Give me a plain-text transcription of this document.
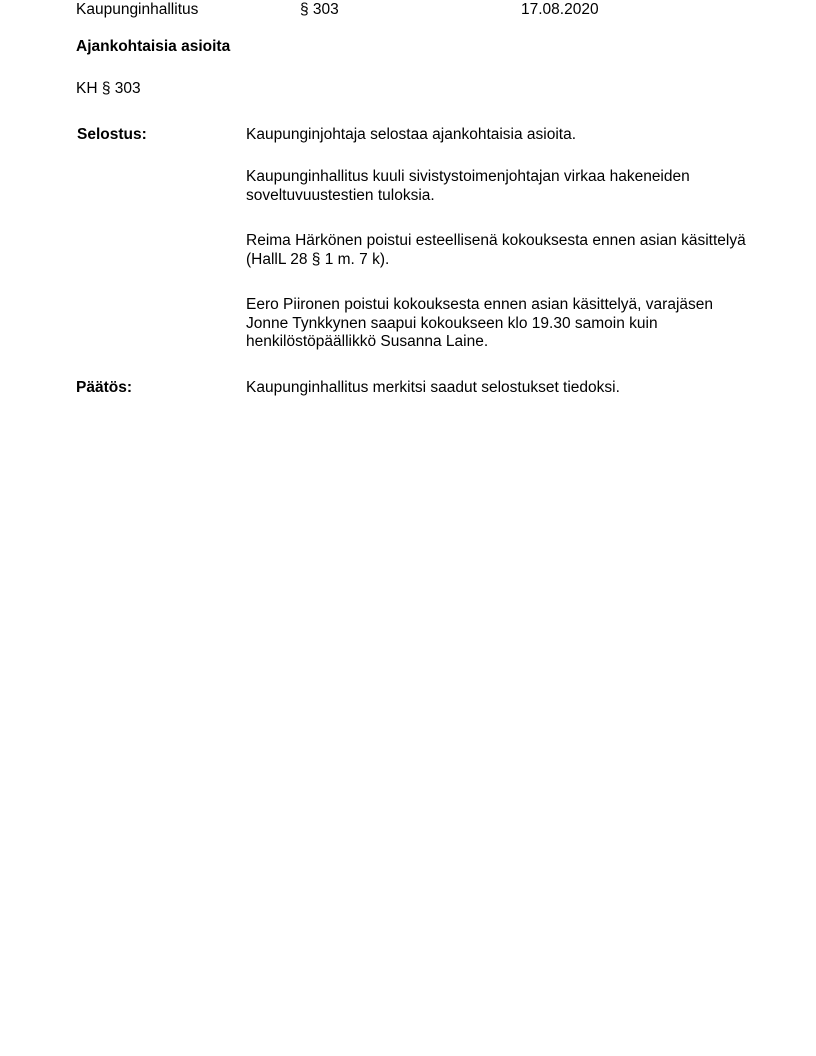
Kaupunginhallitus	§ 303	17.08.2020
Ajankohtaisia asioita
KH § 303
Selostus:	Kaupunginjohtaja selostaa ajankohtaisia asioita.

Kaupunginhallitus kuuli sivistystoimenjohtajan virkaa hakeneiden soveltuvuustestien tuloksia.

Reima Härkönen poistui esteellisenä kokouksesta ennen asian käsittelyä (HallL 28 § 1 m. 7 k).

Eero Piironen poistui kokouksesta ennen asian käsittelyä, varajäsen Jonne Tynkkynen saapui kokoukseen klo 19.30 samoin kuin henkilöstöpäällikkö Susanna Laine.

Päätös:	Kaupunginhallitus merkitsi saadut selostukset tiedoksi.
